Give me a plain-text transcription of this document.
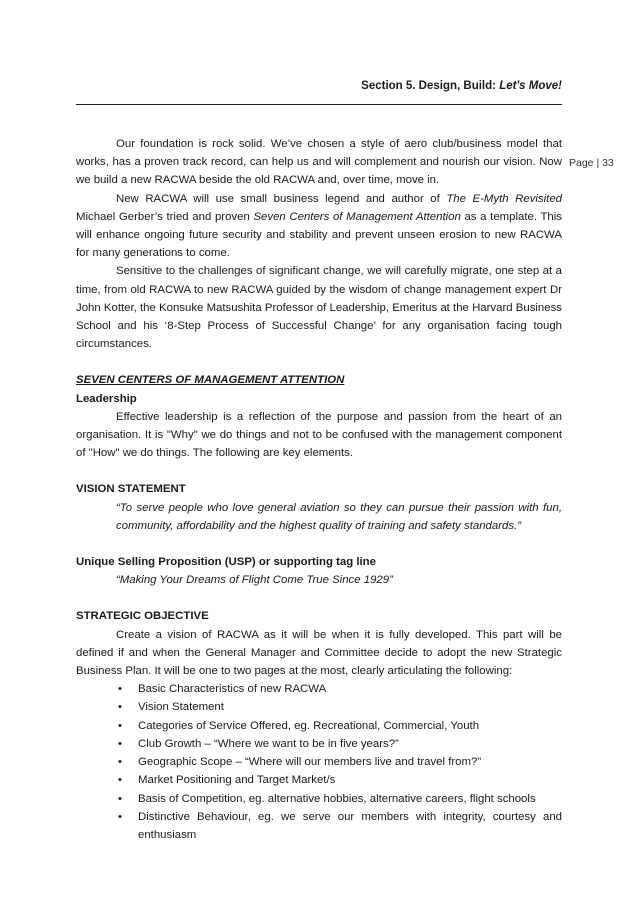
Section 5. Design, Build: Let's Move!
Page | 33

Our foundation is rock solid. We’ve chosen a style of aero club/business model that works, has a proven track record, can help us and will complement and nourish our vision. Now we build a new RACWA beside the old RACWA and, over time, move in.

New RACWA will use small business legend and author of The E-Myth Revisited Michael Gerber’s tried and proven Seven Centers of Management Attention as a template. This will enhance ongoing future security and stability and prevent unseen erosion to new RACWA for many generations to come.

Sensitive to the challenges of significant change, we will carefully migrate, one step at a time, from old RACWA to new RACWA guided by the wisdom of change management expert Dr John Kotter, the Konsuke Matsushita Professor of Leadership, Emeritus at the Harvard Business School and his ‘8-Step Process of Successful Change’ for any organisation facing tough circumstances.

SEVEN CENTERS OF MANAGEMENT ATTENTION

Leadership

Effective leadership is a reflection of the purpose and passion from the heart of an organisation. It is "Why" we do things and not to be confused with the management component of "How" we do things. The following are key elements.

VISION STATEMENT

“To serve people who love general aviation so they can pursue their passion with fun, community, affordability and the highest quality of training and safety standards.”

Unique Selling Proposition (USP) or supporting tag line

“Making Your Dreams of Flight Come True Since 1929”

STRATEGIC OBJECTIVE

Create a vision of RACWA as it will be when it is fully developed. This part will be defined if and when the General Manager and Committee decide to adopt the new Strategic Business Plan. It will be one to two pages at the most, clearly articulating the following:

• Basic Characteristics of new RACWA
• Vision Statement
• Categories of Service Offered, eg. Recreational, Commercial, Youth
• Club Growth – “Where we want to be in five years?”
• Geographic Scope – “Where will our members live and travel from?”
• Market Positioning and Target Market/s
• Basis of Competition, eg. alternative hobbies, alternative careers, flight schools
• Distinctive Behaviour, eg. we serve our members with integrity, courtesy and enthusiasm
